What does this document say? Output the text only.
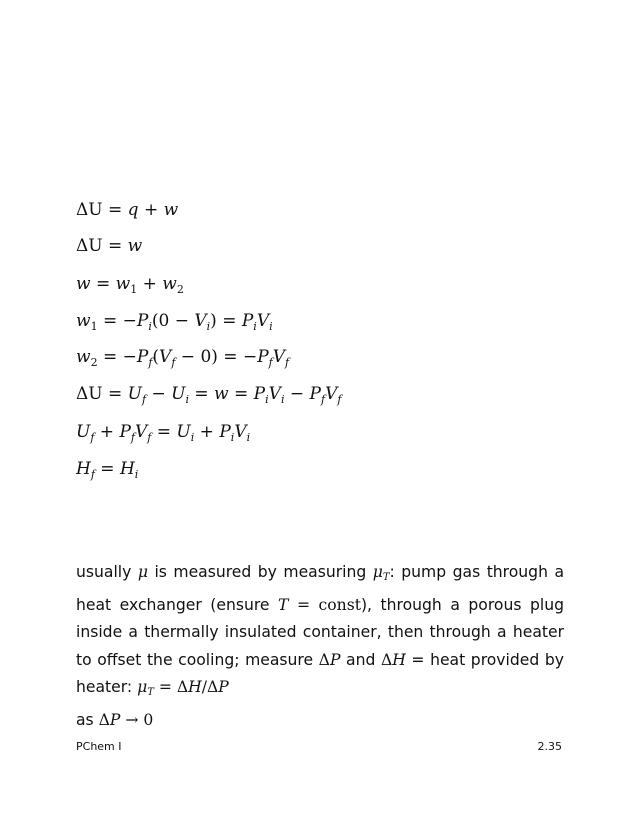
ΔU = q + w
ΔU = w
$w = w_1 + w_2$
$w_1 = -P_i(0 - V_i) = P_iV_i$
$w_2 = -P_f(V_f - 0) = -P_fV_f$
$\Delta U = U_f - U_i = w = P_iV_i - P_fV_f$
$U_f + P_fV_f = U_i + P_iV_i$
$H_f = H_i$
usually μ is measured by measuring $\mu_T$: pump gas through a heat exchanger (ensure T = const), through a porous plug inside a thermally insulated container, then through a heater to offset the cooling; measure ΔP and ΔH = heat provided by heater: $\mu_T = \Delta H/\Delta P$
as ΔP → 0
PChem I	2.35
